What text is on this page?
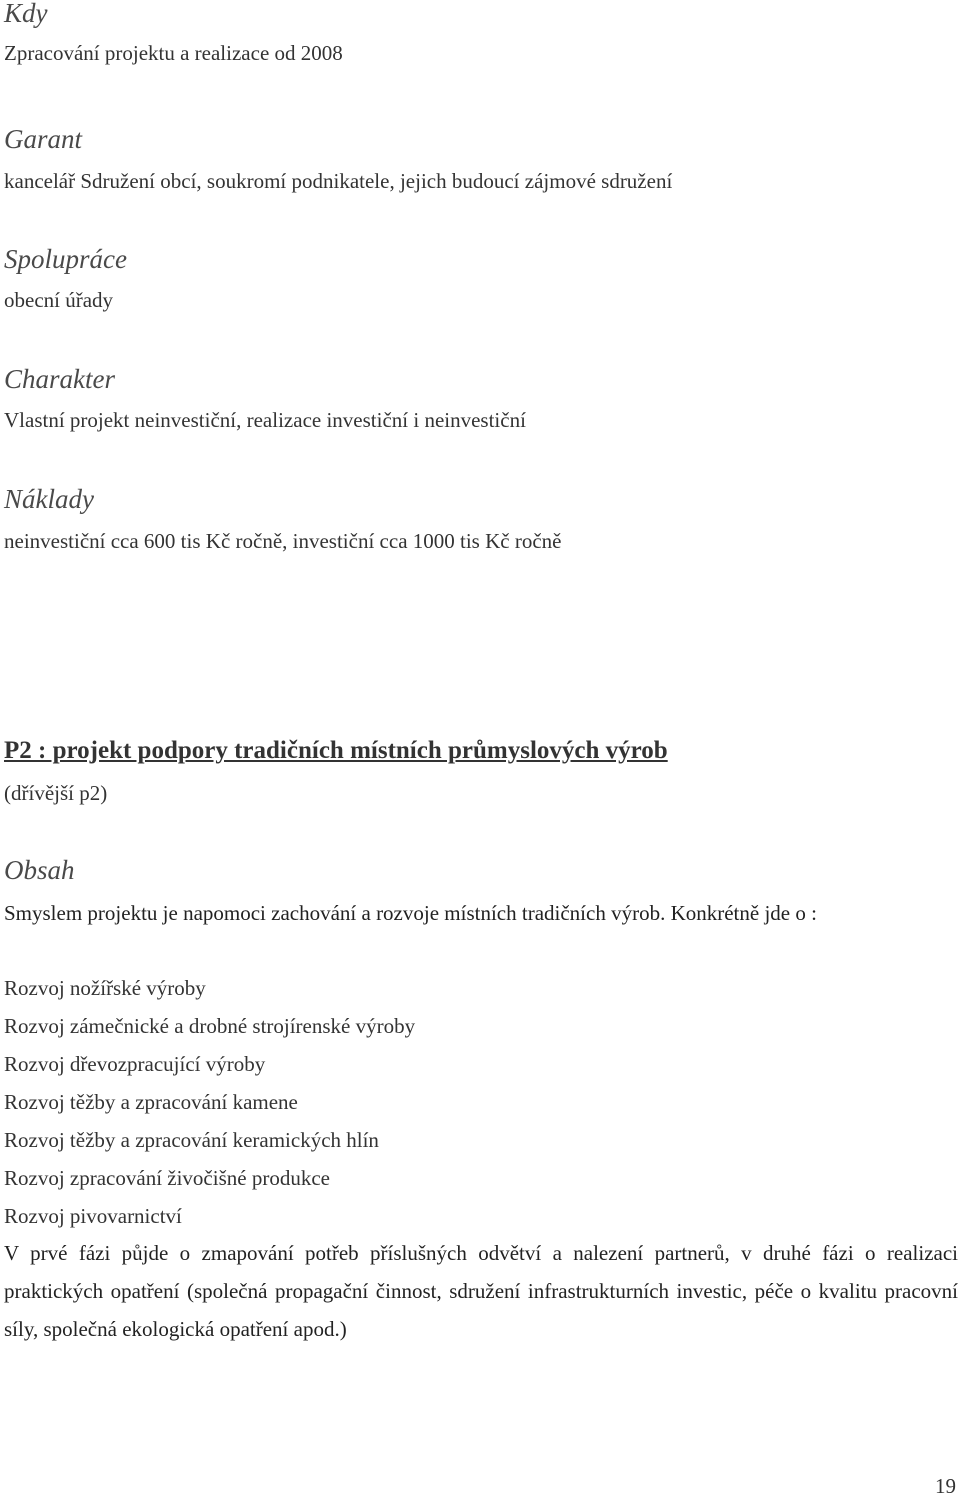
Kdy
Zpracování projektu a realizace od 2008
Garant
kancelář Sdružení obcí, soukromí podnikatele, jejich budoucí zájmové sdružení
Spolupráce
obecní úřady
Charakter
Vlastní projekt neinvestiční, realizace investiční i neinvestiční
Náklady
neinvestiční cca 600 tis Kč ročně, investiční cca 1000 tis Kč ročně
P2 : projekt podpory tradičních místních průmyslových výrob
(dřívější p2)
Obsah
Smyslem projektu je napomoci zachování a rozvoje místních tradičních výrob. Konkrétně jde o :
Rozvoj nožířské výroby
Rozvoj zámečnické a drobné strojírenské výroby
Rozvoj dřevozpracující výroby
Rozvoj těžby a zpracování kamene
Rozvoj těžby a zpracování keramických hlín
Rozvoj zpracování živočišné produkce
Rozvoj pivovarnictví
V prvé fázi půjde o zmapování potřeb příslušných odvětví a nalezení partnerů, v druhé fázi o realizaci praktických opatření (společná propagační činnost, sdružení infrastrukturních investic, péče o kvalitu pracovní síly, společná ekologická opatření apod.)
19
